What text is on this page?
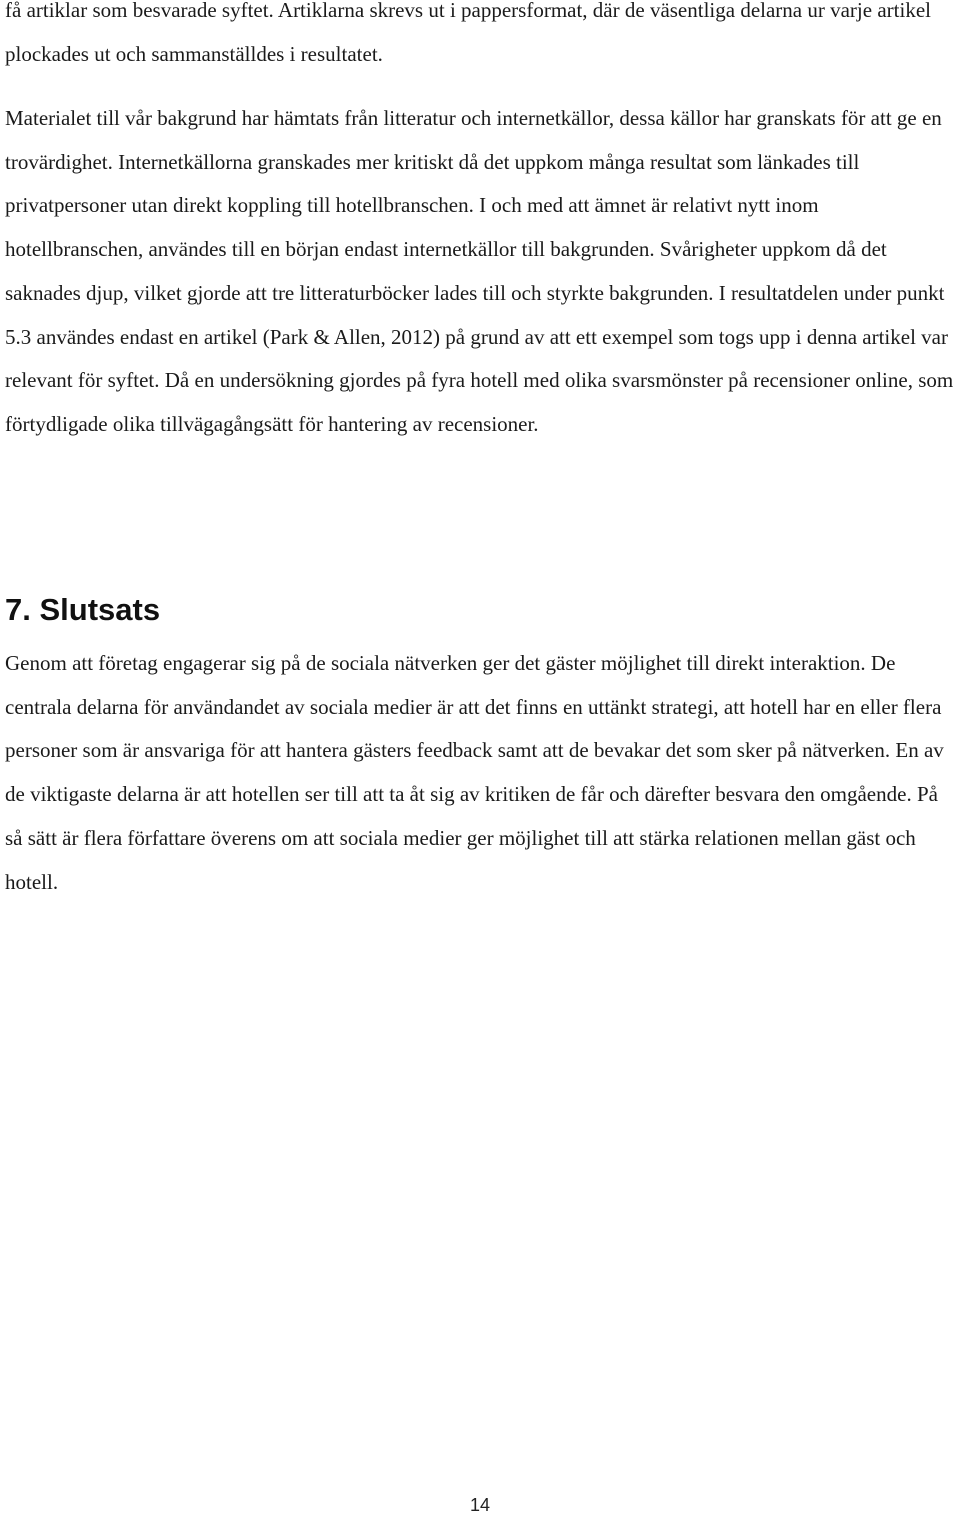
få artiklar som besvarade syftet. Artiklarna skrevs ut i pappersformat, där de väsentliga delarna ur varje artikel plockades ut och sammanställdes i resultatet.

Materialet till vår bakgrund har hämtats från litteratur och internetkällor, dessa källor har granskats för att ge en trovärdighet. Internetkällorna granskades mer kritiskt då det uppkom många resultat som länkades till privatpersoner utan direkt koppling till hotellbranschen. I och med att ämnet är relativt nytt inom hotellbranschen, användes till en början endast internetkällor till bakgrunden. Svårigheter uppkom då det saknades djup, vilket gjorde att tre litteraturböcker lades till och styrkte bakgrunden. I resultatdelen under punkt 5.3 användes endast en artikel (Park & Allen, 2012) på grund av att ett exempel som togs upp i denna artikel var relevant för syftet. Då en undersökning gjordes på fyra hotell med olika svarsmönster på recensioner online, som förtydligade olika tillvägagångsätt för hantering av recensioner.

7. Slutsats

Genom att företag engagerar sig på de sociala nätverken ger det gäster möjlighet till direkt interaktion. De centrala delarna för användandet av sociala medier är att det finns en uttänkt strategi, att hotell har en eller flera personer som är ansvariga för att hantera gästers feedback samt att de bevakar det som sker på nätverken. En av de viktigaste delarna är att hotellen ser till att ta åt sig av kritiken de får och därefter besvara den omgående. På så sätt är flera författare överens om att sociala medier ger möjlighet till att stärka relationen mellan gäst och hotell.

14
